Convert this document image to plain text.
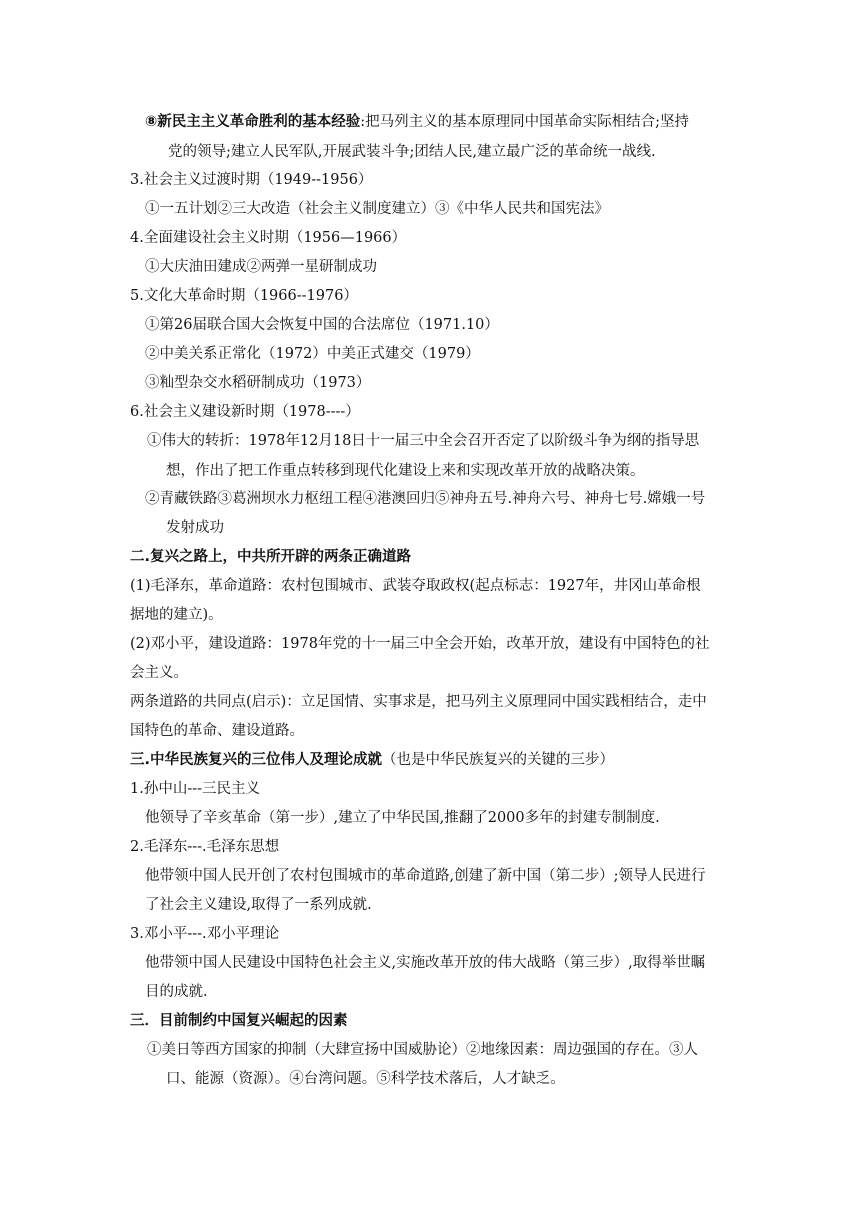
⑧新民主主义革命胜利的基本经验:把马列主义的基本原理同中国革命实际相结合;坚持
党的领导;建立人民军队,开展武装斗争;团结人民,建立最广泛的革命统一战线.
3.社会主义过渡时期（1949--1956）
①一五计划②三大改造（社会主义制度建立）③《中华人民共和国宪法》
4.全面建设社会主义时期（1956—1966）
①大庆油田建成②两弹一星研制成功
5.文化大革命时期（1966--1976）
①第26届联合国大会恢复中国的合法席位（1971.10）
②中美关系正常化（1972）中美正式建交（1979）
③籼型杂交水稻研制成功（1973）
6.社会主义建设新时期（1978----）
①伟大的转折：1978年12月18日十一届三中全会召开否定了以阶级斗争为纲的指导思
想，作出了把工作重点转移到现代化建设上来和实现改革开放的战略决策。
②青藏铁路③葛洲坝水力枢纽工程④港澳回归⑤神舟五号.神舟六号、神舟七号.嫦娥一号
发射成功
二.复兴之路上，中共所开辟的两条正确道路
(1)毛泽东，革命道路：农村包围城市、武装夺取政权(起点标志：1927年，井冈山革命根
据地的建立)。
(2)邓小平，建设道路：1978年党的十一届三中全会开始，改革开放，建设有中国特色的社
会主义。
两条道路的共同点(启示)：立足国情、实事求是，把马列主义原理同中国实践相结合，走中
国特色的革命、建设道路。
三.中华民族复兴的三位伟人及理论成就（也是中华民族复兴的关键的三步）
1.孙中山---三民主义
他领导了辛亥革命（第一步）,建立了中华民国,推翻了2000多年的封建专制制度.
2.毛泽东---.毛泽东思想
他带领中国人民开创了农村包围城市的革命道路,创建了新中国（第二步）;领导人民进行
了社会主义建设,取得了一系列成就.
3.邓小平---.邓小平理论
他带领中国人民建设中国特色社会主义,实施改革开放的伟大战略（第三步）,取得举世瞩
目的成就.
三．目前制约中国复兴崛起的因素
①美日等西方国家的抑制（大肆宣扬中国威胁论）②地缘因素：周边强国的存在。③人
口、能源（资源）。④台湾问题。⑤科学技术落后，人才缺乏。
